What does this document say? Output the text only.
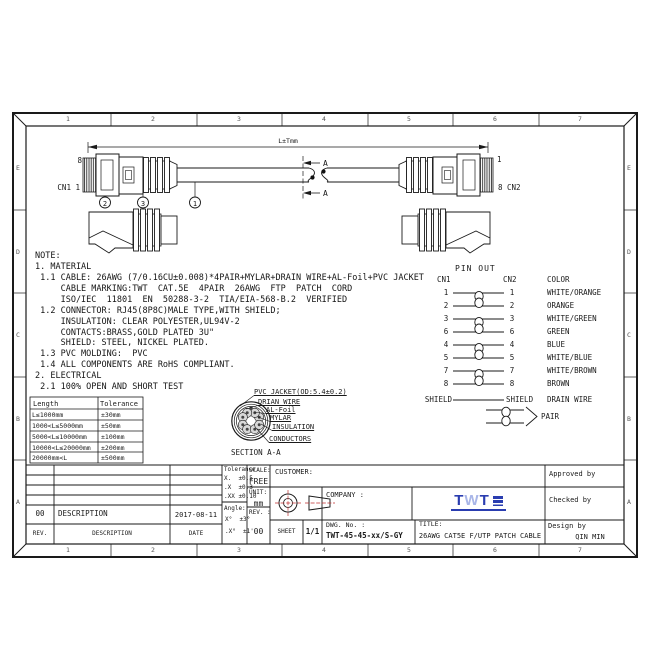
1	2	3	4	5	6	7
1	2	3	4	5	6	7
E
D
C
B
A
E
D
C
B
A
L±Tmm
8
CN1 1
1
8 CN2
A
A
2	3	1
NOTE:
1. MATERIAL
1.1 CABLE: 26AWG (7/0.16CU±0.008)*4PAIR+MYLAR+DRAIN WIRE+AL-Foil+PVC JACKET
CABLE MARKING:TWT  CAT.5E  4PAIR  26AWG  FTP  PATCH  CORD
ISO/IEC  11801  EN  50288-3-2  TIA/EIA-568-B.2  VERIFIED
1.2 CONNECTOR: RJ45(8P8C)MALE TYPE,WITH SHIELD;
INSULATION: CLEAR POLYESTER,UL94V-2
CONTACTS:BRASS,GOLD PLATED 3U"
SHIELD: STEEL, NICKEL PLATED.
1.3 PVC MOLDING:  PVC
1.4 ALL COMPONENTS ARE RoHS COMPLIANT.
2. ELECTRICAL
2.1 100% OPEN AND SHORT TEST
PIN OUT
CN1	CN2	COLOR
1	1	WHITE/ORANGE
2	2	ORANGE
3	3	WHITE/GREEN
6	6	GREEN
4	4	BLUE
5	5	WHITE/BLUE
7	7	WHITE/BROWN
8	8	BROWN
SHIELD	SHIELD DRAIN WIRE
PAIR
Length	Tolerance
L≤1000mm	±30mm
1000<L≤5000mm	±50mm
5000<L≤10000mm ±100mm
10000<L≤20000mm ±200mm
20000mm<L	±500mm
PVC JACKET(OD:5.4±0.2)
DRIAN WIRE
AL-Foil
MYLAR
INSULATION
CONDUCTORS
SECTION A-A
00	DESCRIPTION	2017-08-11
REV.	DESCRIPTION	DATE
Tolerance
X.  ±0.5
.X  ±0.3
.XX ±0.10
Angle:
X°  ±3°
.X°  ±1'
SCALE:
FREE
UNIT:
mm
REV. :
00	SHEET	1/1
CUSTOMER:
COMPANY :
DWG. No. :
TWT-45-45-xx/S-GY
TITLE:
26AWG CAT5E F/UTP PATCH CABLE
Approved by
Checked by
Design by
QIN MIN
T W T
